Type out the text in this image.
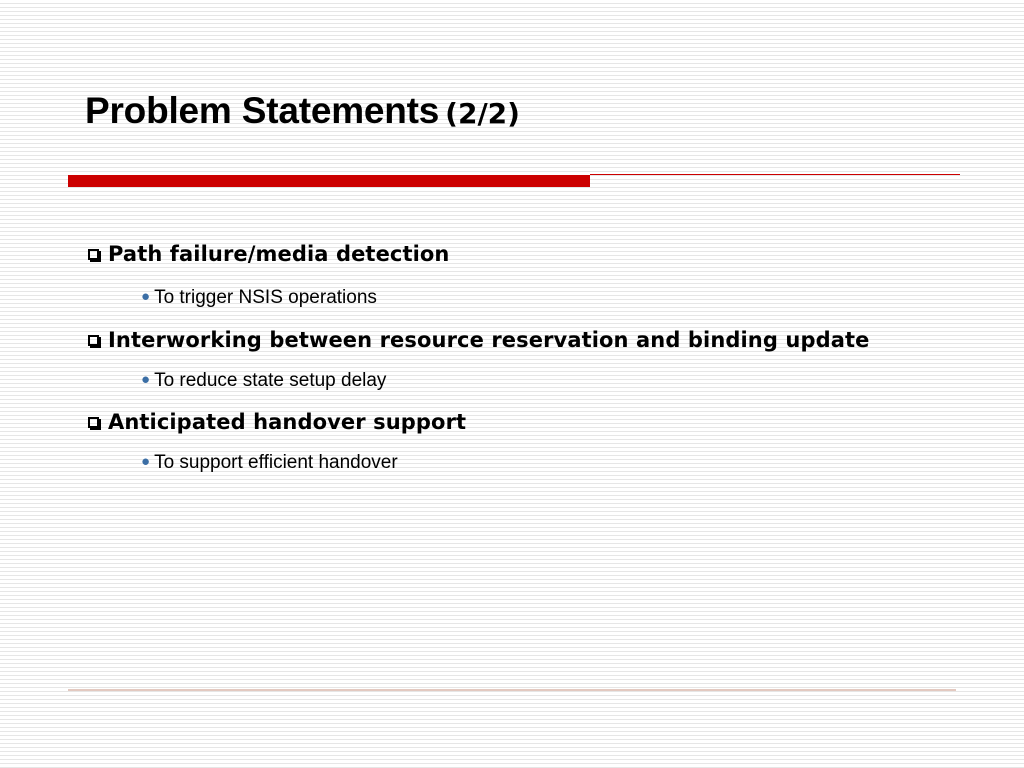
Problem Statements (2/2)
Path failure/media detection
● To trigger NSIS operations
Interworking between resource reservation and binding update
● To reduce state setup delay
Anticipated handover support
● To support efficient handover
